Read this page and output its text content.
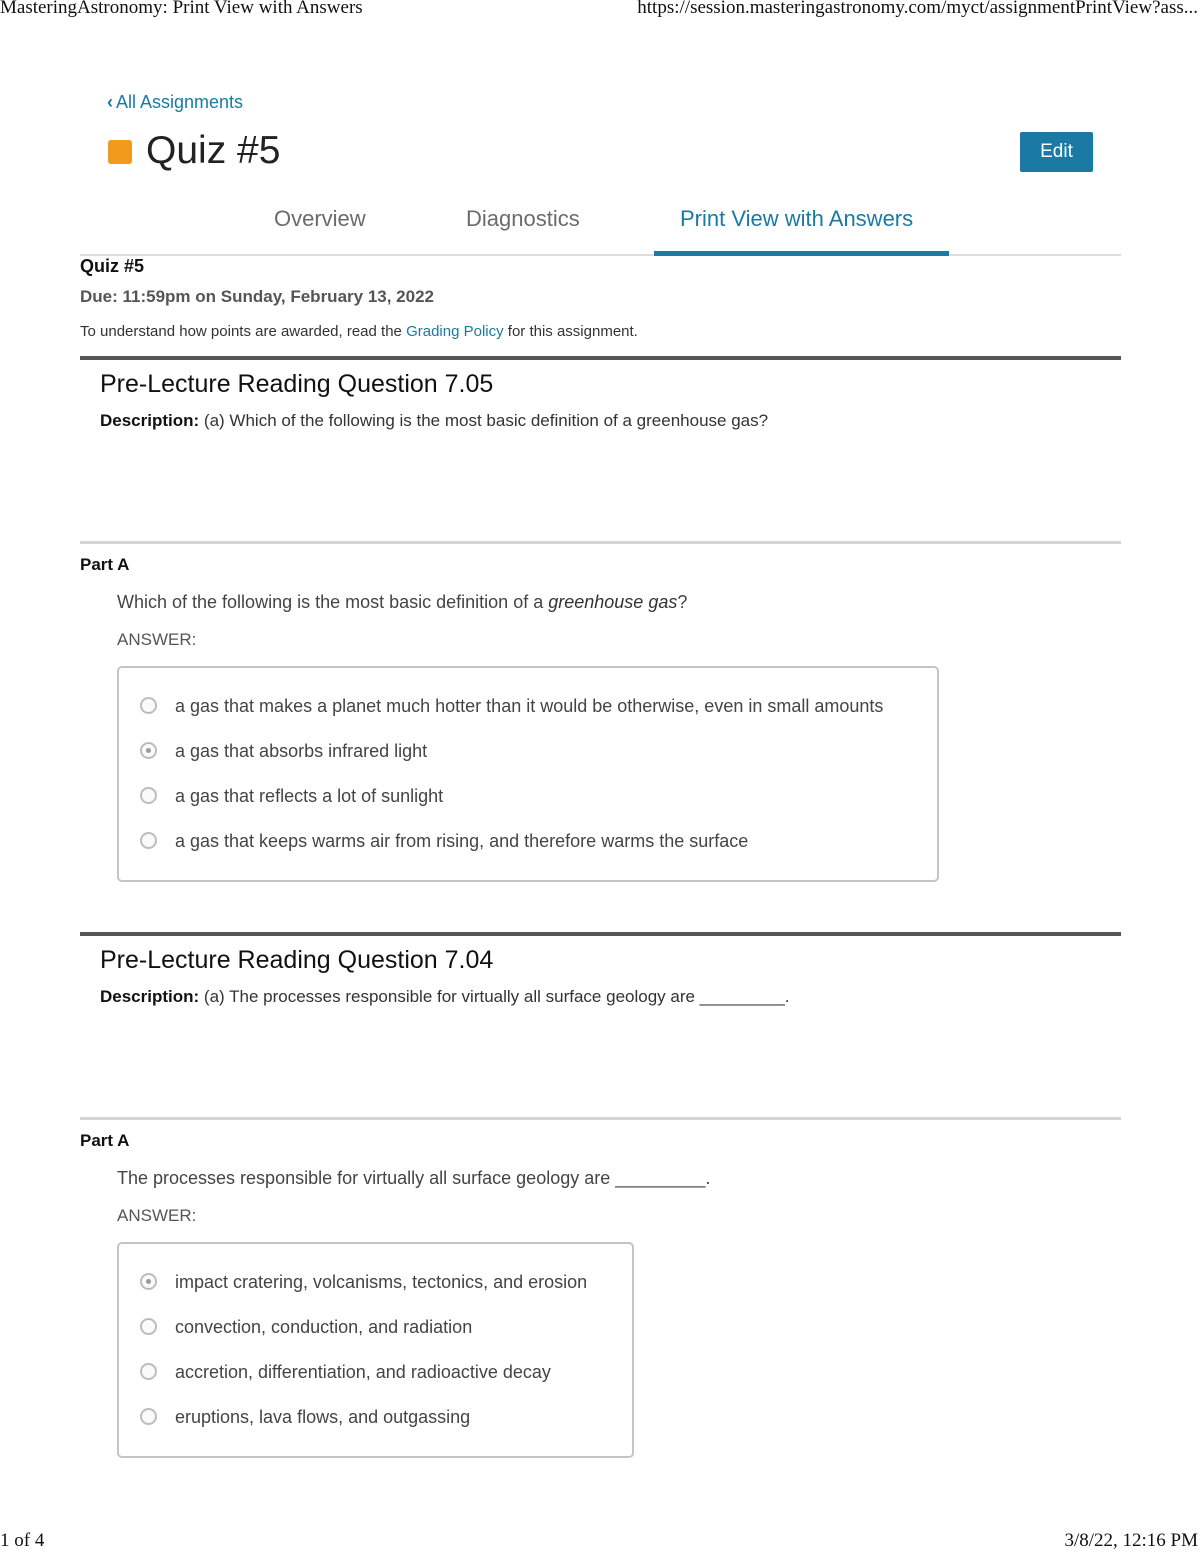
MasteringAstronomy: Print View with Answers	https://session.masteringastronomy.com/myct/assignmentPrintView?ass...
‹ All Assignments
Quiz #5	Edit
Overview	Diagnostics	Print View with Answers
Quiz #5
Due: 11:59pm on Sunday, February 13, 2022
To understand how points are awarded, read the Grading Policy for this assignment.
Pre-Lecture Reading Question 7.05
Description: (a) Which of the following is the most basic definition of a greenhouse gas?
Part A
Which of the following is the most basic definition of a greenhouse gas?
ANSWER:
a gas that makes a planet much hotter than it would be otherwise, even in small amounts
a gas that absorbs infrared light
a gas that reflects a lot of sunlight
a gas that keeps warms air from rising, and therefore warms the surface
Pre-Lecture Reading Question 7.04
Description: (a) The processes responsible for virtually all surface geology are _________.
Part A
The processes responsible for virtually all surface geology are _________.
ANSWER:
impact cratering, volcanisms, tectonics, and erosion
convection, conduction, and radiation
accretion, differentiation, and radioactive decay
eruptions, lava flows, and outgassing
1 of 4	3/8/22, 12:16 PM
